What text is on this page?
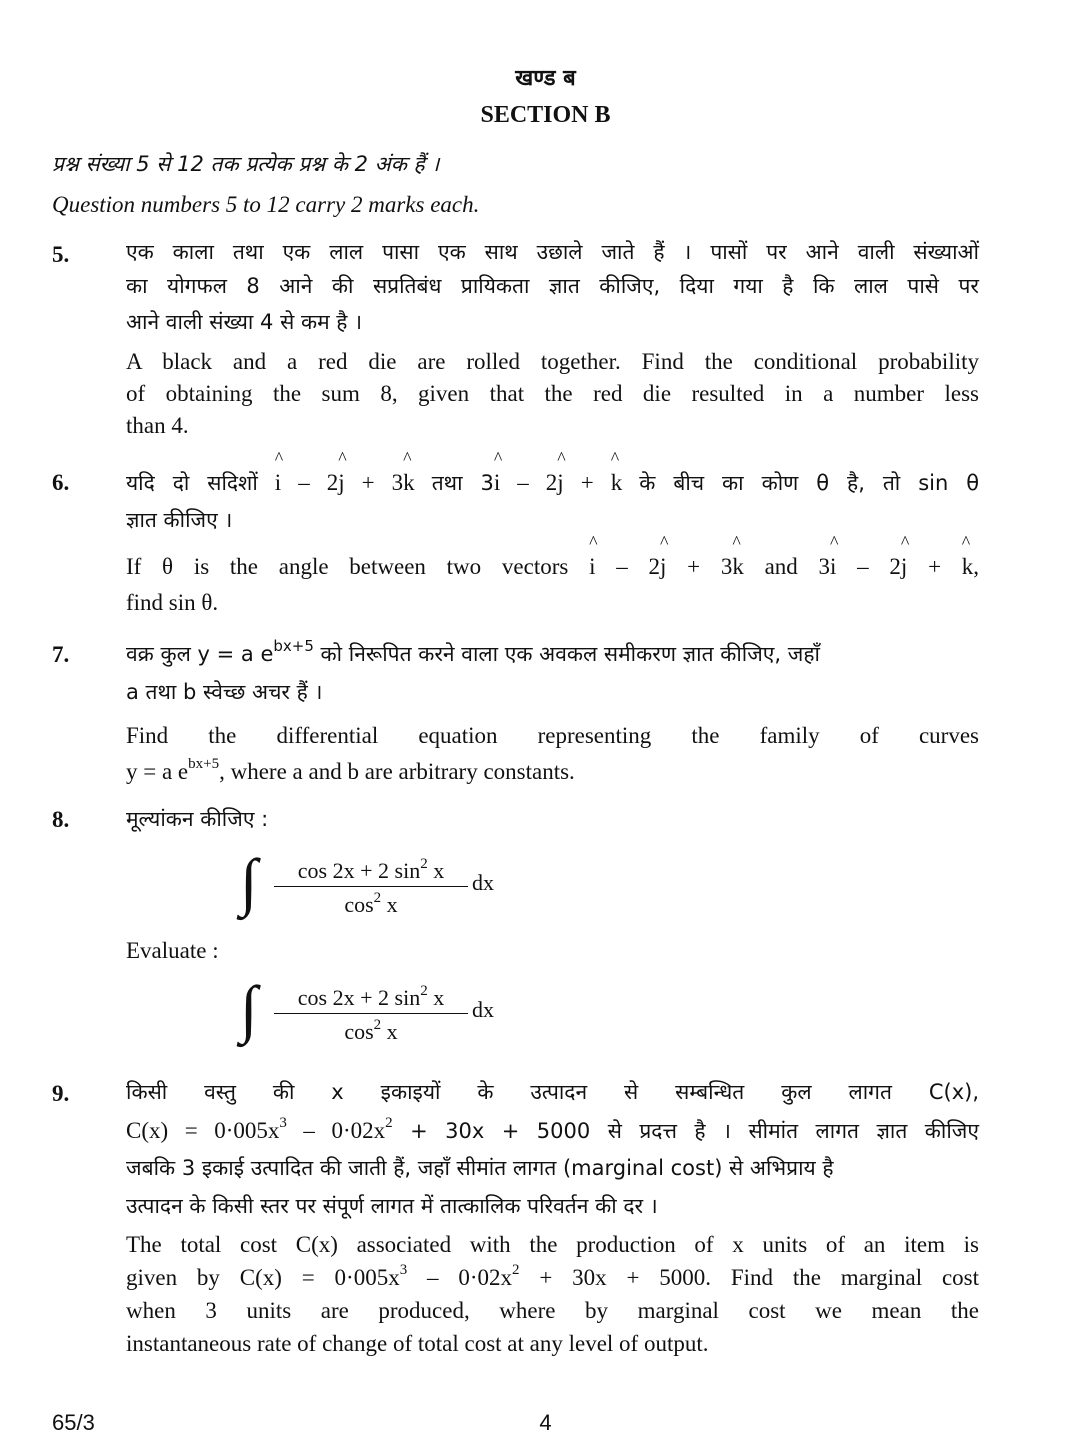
खण्ड ब
SECTION B
प्रश्न संख्या 5 से 12 तक प्रत्येक प्रश्न के 2 अंक हैं ।
Question numbers 5 to 12 carry 2 marks each.
5.	एक काला तथा एक लाल पासा एक साथ उछाले जाते हैं । पासों पर आने वाली संख्याओं
का योगफल 8 आने की सप्रतिबंध प्रायिकता ज्ञात कीजिए, दिया गया है कि लाल पासे पर
आने वाली संख्या 4 से कम है ।
A black and a red die are rolled together. Find the conditional probability
of obtaining the sum 8, given that the red die resulted in a number less
than 4.
6.	यदि दो सदिशों
^
i – 2
^
j + 3
^
k तथा 3
^
i – 2
^
j +
^
k के बीच का कोण θ है, तो sin θ
ज्ञात कीजिए ।
If θ is the angle between two vectors
^
i – 2
^
j + 3
^
k and 3
^
i – 2
^
j +
^
k,
find sin θ.
7.	वक्र कुल y = a $e^{bx+5}$ को निरूपित करने वाला एक अवकल समीकरण ज्ञात कीजिए, जहाँ
a तथा b स्वेच्छ अचर हैं ।
Find the differential equation representing the family of curves
y = a $e^{bx+5}$, where a and b are arbitrary constants.
8.	मूल्यांकन कीजिए :
∫ $\frac{\cos 2x + 2 \sin^2 x}{\cos^2 x}$ dx
Evaluate :
∫ $\frac{\cos 2x + 2 \sin^2 x}{\cos^2 x}$ dx
9.	किसी वस्तु की x इकाइयों के उत्पादन से सम्बन्धित कुल लागत C(x),
$C(x) = 0\cdot 005x^3 - 0\cdot 02x^2 + 30x + 5000$ से प्रदत्त है । सीमांत लागत ज्ञात कीजिए
जबकि 3 इकाई उत्पादित की जाती हैं, जहाँ सीमांत लागत (marginal cost) से अभिप्राय है
उत्पादन के किसी स्तर पर संपूर्ण लागत में तात्कालिक परिवर्तन की दर ।
The total cost C(x) associated with the production of x units of an item is
given by $C(x) = 0\cdot 005x^3 - 0\cdot 02x^2 + 30x + 5000$. Find the marginal cost
when 3 units are produced, where by marginal cost we mean the
instantaneous rate of change of total cost at any level of output.
65/3	4
